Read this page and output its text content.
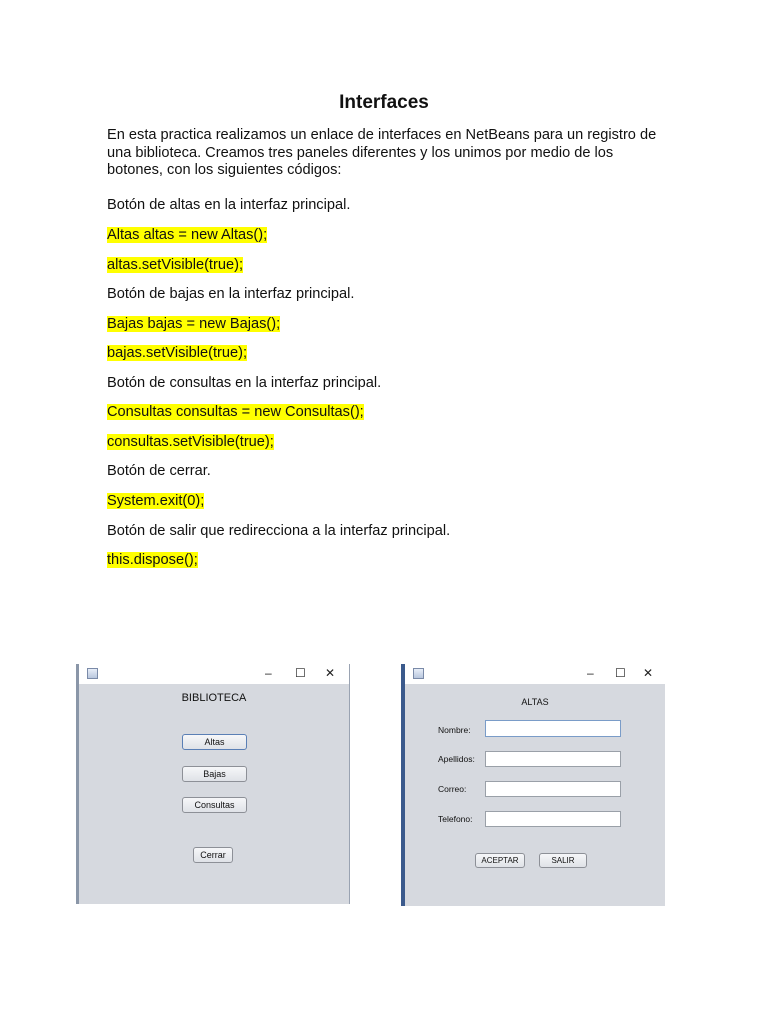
Interfaces

En esta practica realizamos un enlace de interfaces en NetBeans para un registro de una biblioteca. Creamos tres paneles diferentes y los unimos por medio de los botones, con los siguientes códigos:

Botón de altas en la interfaz principal.
Altas altas = new Altas();
altas.setVisible(true);
Botón de bajas en la interfaz principal.
Bajas bajas = new Bajas();
bajas.setVisible(true);
Botón de consultas en la interfaz principal.
Consultas consultas = new Consultas();
consultas.setVisible(true);
Botón de cerrar.
System.exit(0);
Botón de salir que redirecciona a la interfaz principal.
this.dispose();
– ☐ ✕
BIBLIOTECA
Altas
Bajas
Consultas
Cerrar
– ☐ ✕
ALTAS
Nombre:
Apellidos:
Correo:
Telefono:
ACEPTAR	SALIR
